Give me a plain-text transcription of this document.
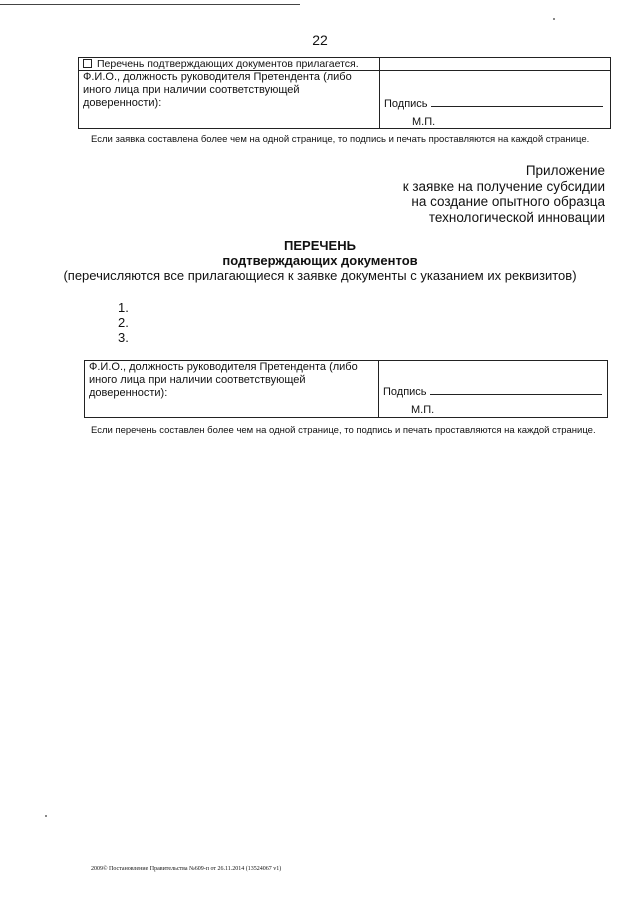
22
Перечень подтверждающих документов прилагается.	
Ф.И.О., должность руководителя Претендента (либо иного лица при наличии соответствующей доверенности):	Подпись
М.П.
Если заявка составлена более чем на одной странице, то подпись и печать проставляются на каждой странице.
Приложение
к заявке на получение субсидии
на создание опытного образца
технологической инновации
ПЕРЕЧЕНЬ
подтверждающих документов
(перечисляются все прилагающиеся к заявке документы с указанием их реквизитов)
1.
2.
3.
Ф.И.О., должность руководителя Претендента (либо иного лица при наличии соответствующей доверенности):	Подпись
М.П.
Если перечень составлен более чем на одной странице, то подпись и печать проставляются на каждой странице.
2009© Постановление Правительства №609-п от 26.11.2014 (13524067 v1)
